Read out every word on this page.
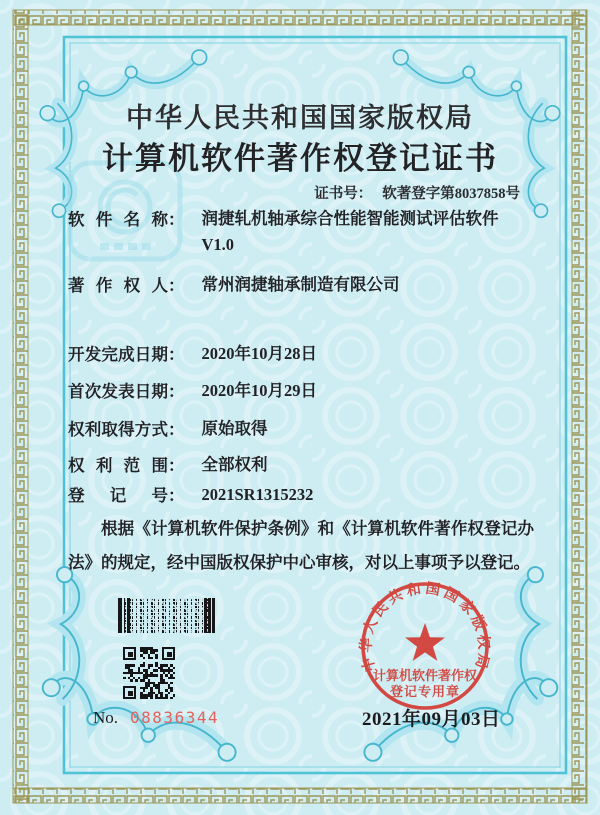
中华人民共和国国家版权局
计算机软件著作权登记证书
证书号： 软著登字第8037858号
软件名称 ： 润捷轧机轴承综合性能智能测试评估软件
V1.0
著作权人 ： 常州润捷轴承制造有限公司
开发完成日期 ： 2020年10月28日
首次发表日期 ： 2020年10月29日
权利取得方式 ： 原始取得
权利范围 ： 全部权利
登记号 ： 2021SR1315232
根据《计算机软件保护条例》和《计算机软件著作权登记办法》的规定，经中国版权保护中心审核，对以上事项予以登记。
No. 08836344
中华人民共和国国家版权局
计算机软件著作权
登记专用章
2021年09月03日
